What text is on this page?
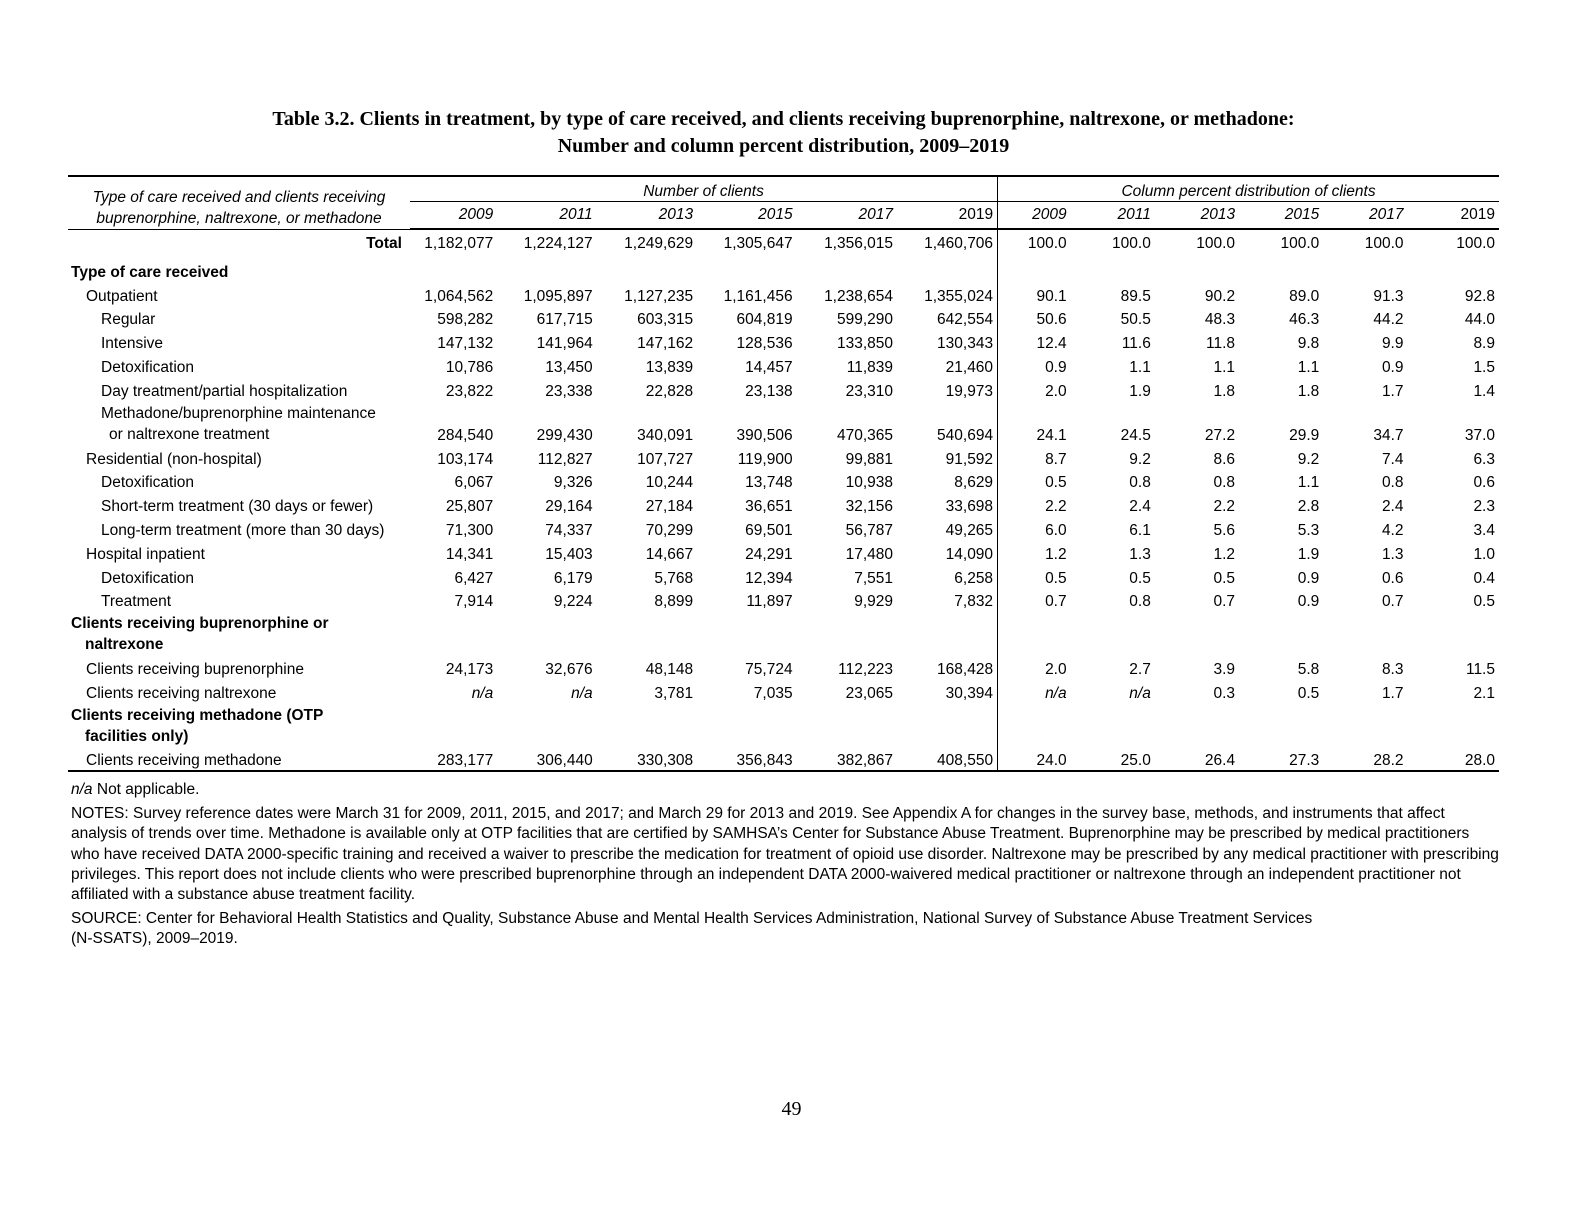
Table 3.2. Clients in treatment, by type of care received, and clients receiving buprenorphine, naltrexone, or methadone:
Number and column percent distribution, 2009–2019
Type of care received and clients receiving
buprenorphine, naltrexone, or methadone	Number of clients						Column percent distribution of clients					
	2009	2011	2013	2015	2017	2019	2009	2011	2013	2015	2017	2019
Total	1,182,077	1,224,127	1,249,629	1,305,647	1,356,015	1,460,706	100.0	100.0	100.0	100.0	100.0	100.0
Type of care received												
Outpatient	1,064,562	1,095,897	1,127,235	1,161,456	1,238,654	1,355,024	90.1	89.5	90.2	89.0	91.3	92.8
Regular	598,282	617,715	603,315	604,819	599,290	642,554	50.6	50.5	48.3	46.3	44.2	44.0
Intensive	147,132	141,964	147,162	128,536	133,850	130,343	12.4	11.6	11.8	9.8	9.9	8.9
Detoxification	10,786	13,450	13,839	14,457	11,839	21,460	0.9	1.1	1.1	1.1	0.9	1.5
Day treatment/partial hospitalization	23,822	23,338	22,828	23,138	23,310	19,973	2.0	1.9	1.8	1.8	1.7	1.4

Methadone/buprenorphine maintenance
or naltrexone treatment	284,540	299,430	340,091	390,506	470,365	540,694	24.1	24.5	27.2	29.9	34.7	37.0
Residential (non-hospital)	103,174	112,827	107,727	119,900	99,881	91,592	8.7	9.2	8.6	9.2	7.4	6.3
Detoxification	6,067	9,326	10,244	13,748	10,938	8,629	0.5	0.8	0.8	1.1	0.8	0.6
Short-term treatment (30 days or fewer)	25,807	29,164	27,184	36,651	32,156	33,698	2.2	2.4	2.2	2.8	2.4	2.3
Long-term treatment (more than 30 days)	71,300	74,337	70,299	69,501	56,787	49,265	6.0	6.1	5.6	5.3	4.2	3.4
Hospital inpatient	14,341	15,403	14,667	24,291	17,480	14,090	1.2	1.3	1.2	1.9	1.3	1.0
Detoxification	6,427	6,179	5,768	12,394	7,551	6,258	0.5	0.5	0.5	0.9	0.6	0.4
Treatment	7,914	9,224	8,899	11,897	9,929	7,832	0.7	0.8	0.7	0.9	0.7	0.5

Clients receiving buprenorphine or
naltrexone												

Clients receiving buprenorphine	24,173	32,676	48,148	75,724	112,223	168,428	2.0	2.7	3.9	5.8	8.3	11.5
Clients receiving naltrexone	n/a	n/a	3,781	7,035	23,065	30,394	n/a	n/a	0.3	0.5	1.7	2.1

Clients receiving methadone (OTP
facilities only)												

Clients receiving methadone	283,177	306,440	330,308	356,843	382,867	408,550	24.0	25.0	26.4	27.3	28.2	28.0

n/a Not applicable.

NOTES: Survey reference dates were March 31 for 2009, 2011, 2015, and 2017; and March 29 for 2013 and 2019. See Appendix A for changes in the survey base, methods, and instruments that affect analysis of trends over time. Methadone is available only at OTP facilities that are certified by SAMHSA’s Center for Substance Abuse Treatment. Buprenorphine may be prescribed by medical practitioners who have received DATA 2000-specific training and received a waiver to prescribe the medication for treatment of opioid use disorder. Naltrexone may be prescribed by any medical practitioner with prescribing privileges. This report does not include clients who were prescribed buprenorphine through an independent DATA 2000-waivered medical practitioner or naltrexone through an independent practitioner not affiliated with a substance abuse treatment facility.

SOURCE: Center for Behavioral Health Statistics and Quality, Substance Abuse and Mental Health Services Administration, National Survey of Substance Abuse Treatment Services
(N-SSATS), 2009–2019.

49
